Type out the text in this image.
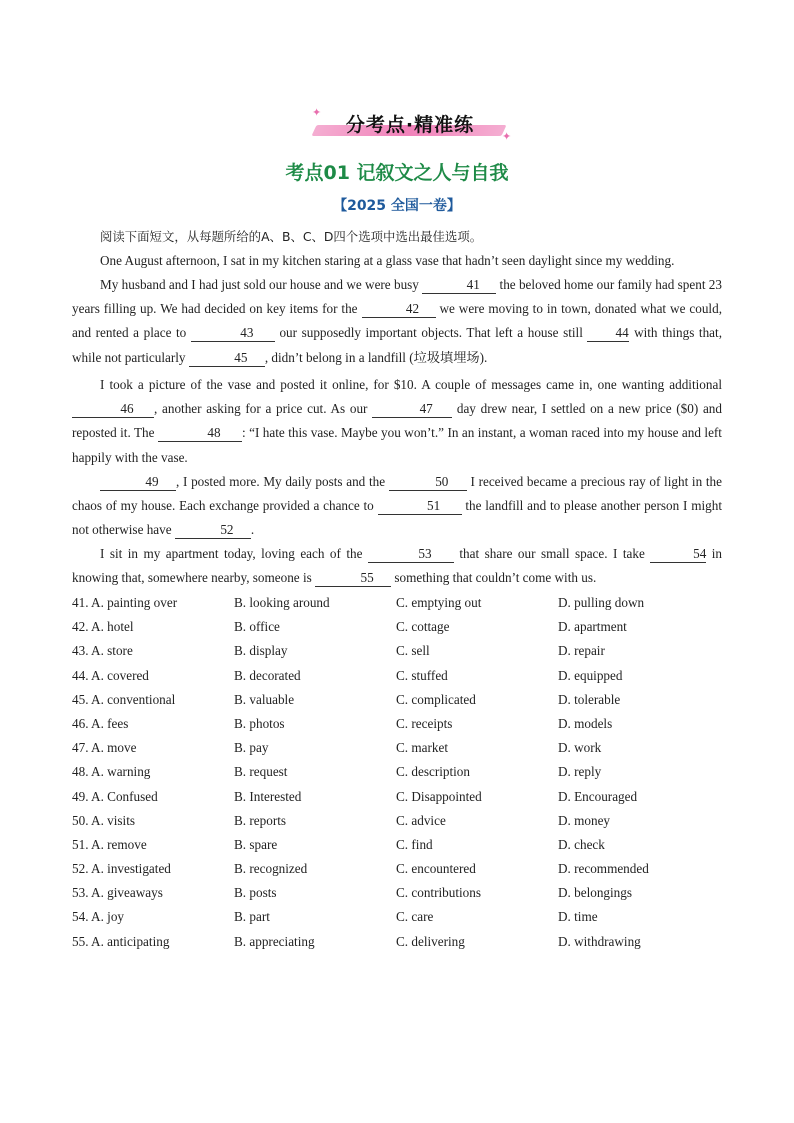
✦
✦
分考点·精准练
考点01 记叙文之人与自我
【2025 全国一卷】

阅读下面短文，从每题所给的A、B、C、D四个选项中选出最佳选项。

One August afternoon, I sat in my kitchen staring at a glass vase that hadn’t seen daylight since my wedding.

My husband and I had just sold our house and we were busy	41 the beloved home our family had spent 23 years filling up. We had decided on key items for the	42 we were moving to in town, donated what we could, and rented a place to	43 our supposedly important objects. That left a house still 44 with things that, while not particularly	45 , didn’t belong in a landfill (垃圾填埋场).

I took a picture of the vase and posted it online, for $10. A couple of messages came in, one wanting additional 46 , another asking for a price cut. As our	47 day drew near, I settled on a new price ($0) and reposted it. The	48 : “I hate this vase. Maybe you won’t.” In an instant, a woman raced into my house and left happily with the vase.

49 , I posted more. My daily posts and the	50 I received became a precious ray of light in the chaos of my house. Each exchange provided a chance to	51 the landfill and to please another person I might not otherwise have	52 .

I sit in my apartment today, loving each of the	53 that share our small space. I take	54 in knowing that, somewhere nearby, someone is	55 something that couldn’t come with us.

41. A. painting over	B. looking around	C. emptying out	D. pulling down
42. A. hotel	B. office	C. cottage	D. apartment
43. A. store	B. display	C. sell	D. repair
44. A. covered	B. decorated	C. stuffed	D. equipped
45. A. conventional	B. valuable	C. complicated	D. tolerable
46. A. fees	B. photos	C. receipts	D. models
47. A. move	B. pay	C. market	D. work
48. A. warning	B. request	C. description	D. reply
49. A. Confused	B. Interested	C. Disappointed	D. Encouraged
50. A. visits	B. reports	C. advice	D. money
51. A. remove	B. spare	C. find	D. check
52. A. investigated	B. recognized	C. encountered	D. recommended
53. A. giveaways	B. posts	C. contributions	D. belongings
54. A. joy	B. part	C. care	D. time
55. A. anticipating	B. appreciating	C. delivering	D. withdrawing
